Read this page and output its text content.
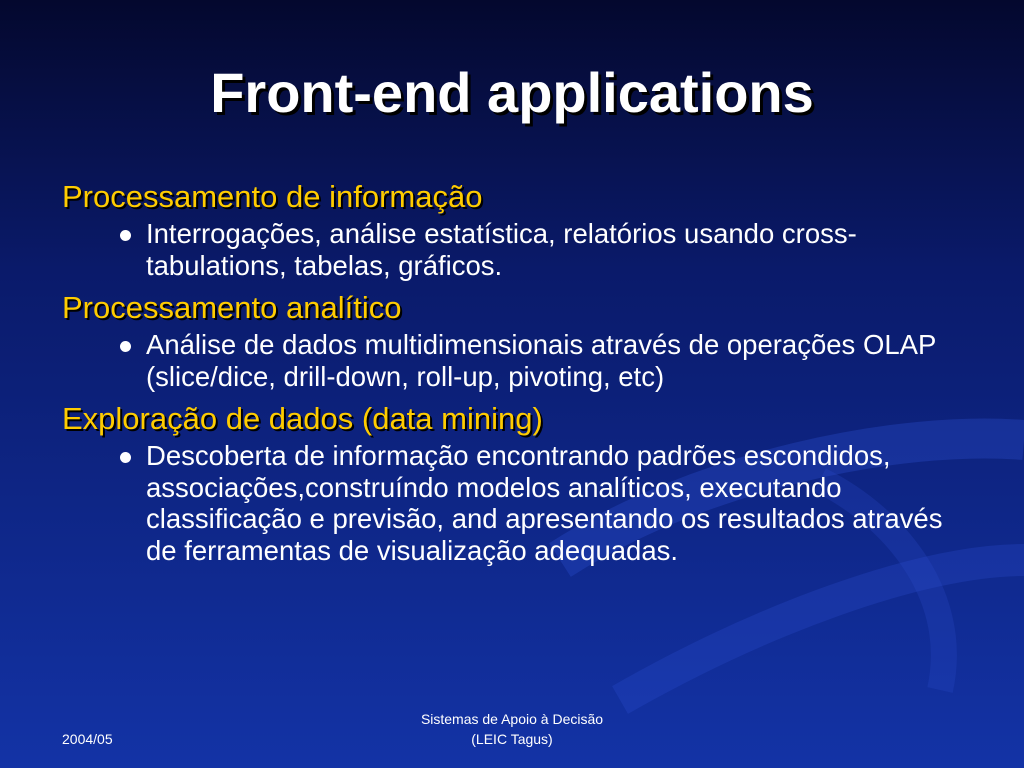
Front-end applications
Processamento de informação
Interrogações, análise estatística, relatórios usando cross-tabulations, tabelas, gráficos.
Processamento analítico
Análise de dados multidimensionais através de operações OLAP (slice/dice, drill-down, roll-up, pivoting, etc)
Exploração de dados (data mining)
Descoberta de informação encontrando padrões escondidos, associações,construíndo modelos analíticos, executando classificação e previsão, and apresentando os resultados através de ferramentas de visualização adequadas.
2004/05
Sistemas de Apoio à Decisão
(LEIC Tagus)
